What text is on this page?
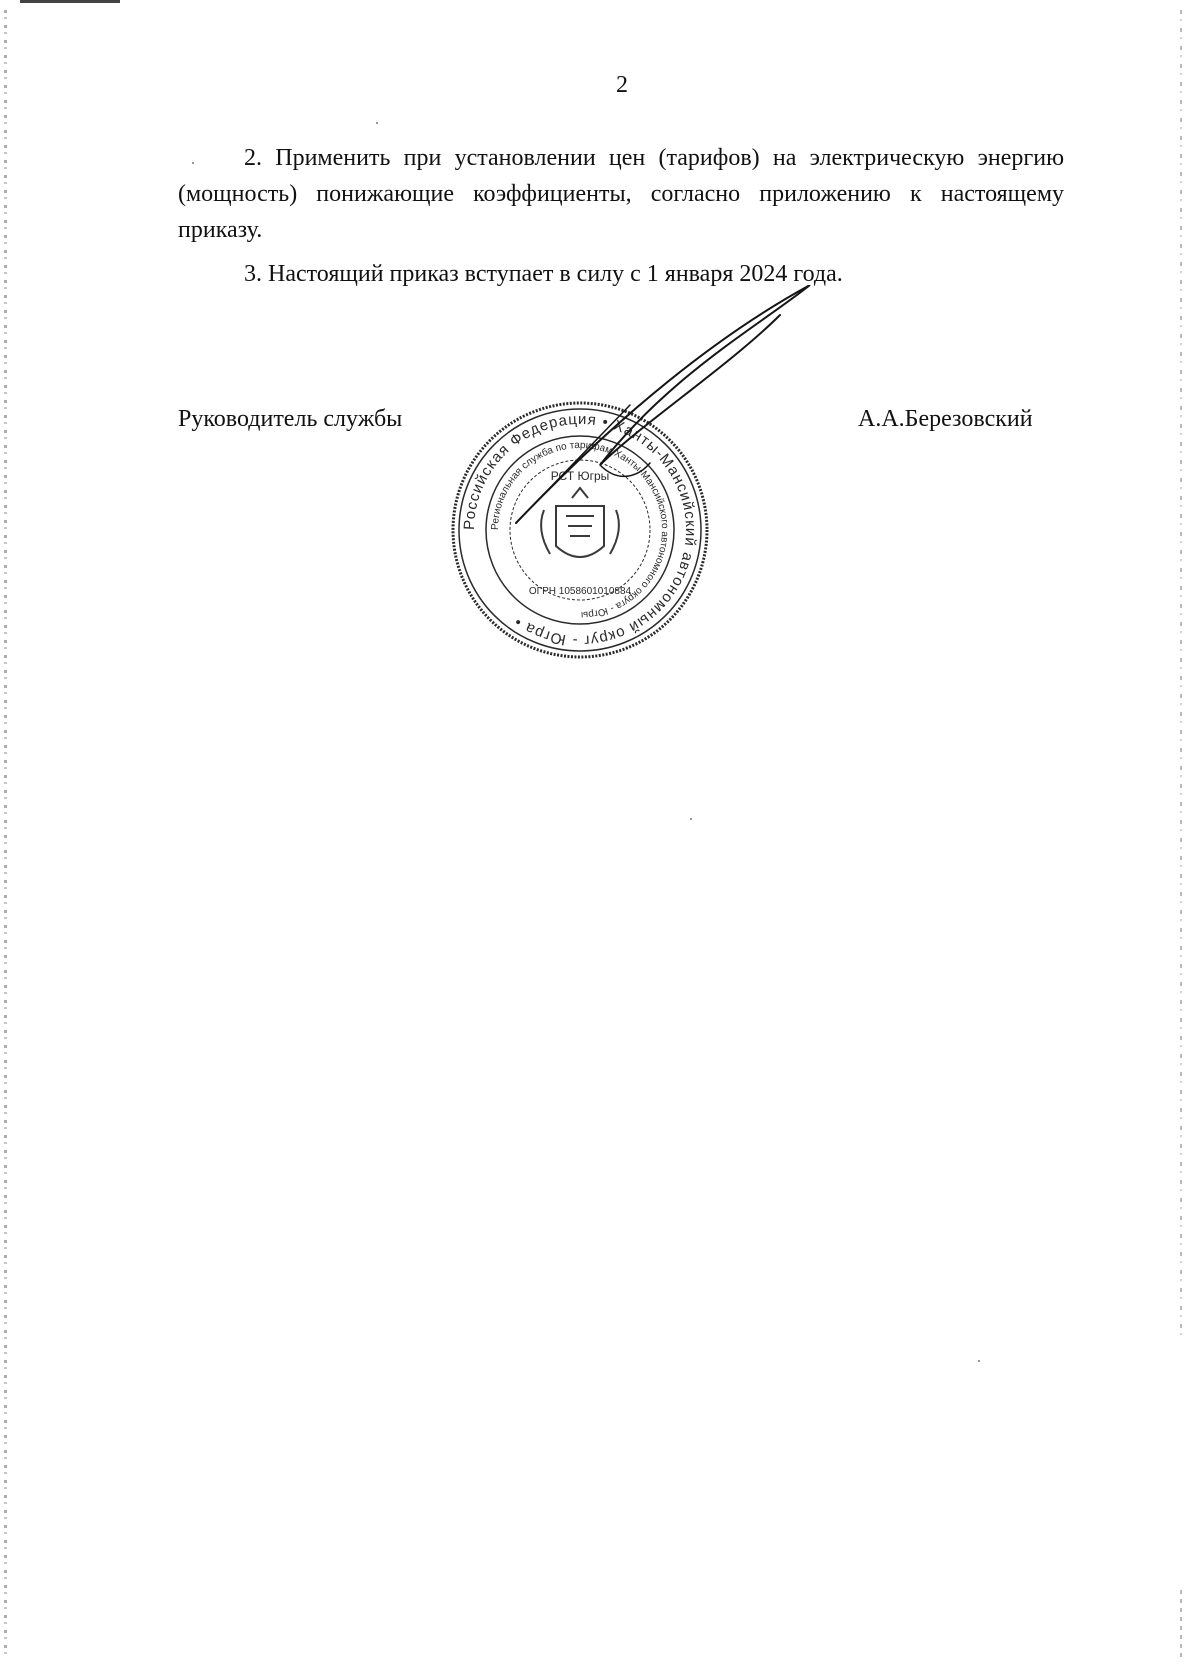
2

2. Применить при установлении цен (тарифов) на электрическую энергию (мощность) понижающие коэффициенты, согласно приложению к настоящему приказу.

3. Настоящий приказ вступает в силу с 1 января 2024 года.

Руководитель службы	А.А.Березовский
Российская Федерация • Ханты-Мансийский автономный округ - Югра •
Региональная служба по тарифам Ханты-Мансийского автономного округа - Югры
РСТ Югры
ОГРН 1058601010884
